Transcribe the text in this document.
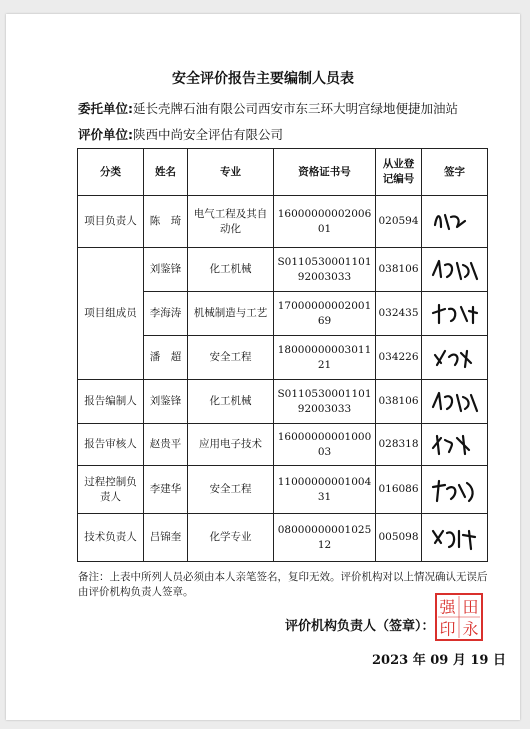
安全评价报告主要编制人员表
委托单位:延长壳牌石油有限公司西安市东三环大明宫绿地便捷加油站
评价单位:陕西中尚安全评估有限公司
分类	姓名	专业	资格证书号	从业登记编号	签字
项目负责人	陈　琦	电气工程及其自动化	1600000000200601	020594	

项目组成员	刘鉴锋	化工机械	S011053000110192003033	038106	

	李海涛	机械制造与工艺	1700000000200169	032435	

	潘　超	安全工程	1800000000301121	034226	

报告编制人	刘鉴锋	化工机械	S011053000110192003033	038106	

报告审核人	赵贵平	应用电子技术	1600000000100003	028318	

过程控制负责人	李建华	安全工程	1100000000100431	016086	

技术负责人	吕锦奎	化学专业	0800000000102512	005098	
备注：上表中所列人员必须由本人亲笔签名，复印无效。评价机构对以上情况确认无误后由评价机构负责人签章。
评价机构负责人（签章）：
强 田
印 永
2023 年 09 月 19 日
